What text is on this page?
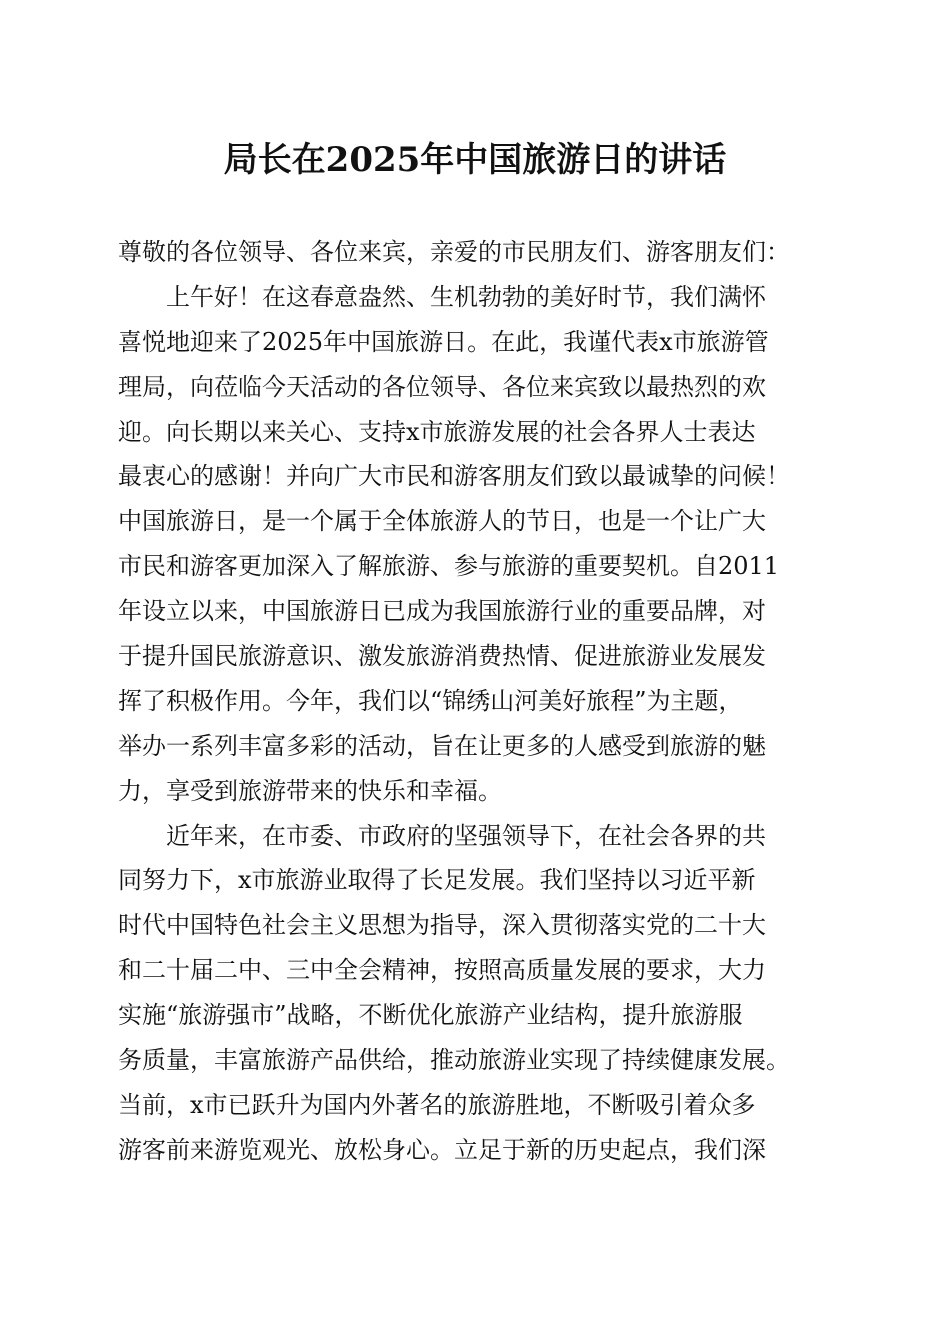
局长在2025年中国旅游日的讲话
尊敬的各位领导、各位来宾，亲爱的市民朋友们、游客朋友们：
上午好！在这春意盎然、生机勃勃的美好时节，我们满怀
喜悦地迎来了2025年中国旅游日。在此，我谨代表x市旅游管
理局，向莅临今天活动的各位领导、各位来宾致以最热烈的欢
迎。向长期以来关心、支持x市旅游发展的社会各界人士表达
最衷心的感谢！并向广大市民和游客朋友们致以最诚挚的问候！
中国旅游日，是一个属于全体旅游人的节日，也是一个让广大
市民和游客更加深入了解旅游、参与旅游的重要契机。自2011
年设立以来，中国旅游日已成为我国旅游行业的重要品牌，对
于提升国民旅游意识、激发旅游消费热情、促进旅游业发展发
挥了积极作用。今年，我们以“锦绣山河美好旅程”为主题，
举办一系列丰富多彩的活动，旨在让更多的人感受到旅游的魅
力，享受到旅游带来的快乐和幸福。
近年来，在市委、市政府的坚强领导下，在社会各界的共
同努力下，x市旅游业取得了长足发展。我们坚持以习近平新
时代中国特色社会主义思想为指导，深入贯彻落实党的二十大
和二十届二中、三中全会精神，按照高质量发展的要求，大力
实施“旅游强市”战略，不断优化旅游产业结构，提升旅游服
务质量，丰富旅游产品供给，推动旅游业实现了持续健康发展。
当前，x市已跃升为国内外著名的旅游胜地，不断吸引着众多
游客前来游览观光、放松身心。立足于新的历史起点，我们深
